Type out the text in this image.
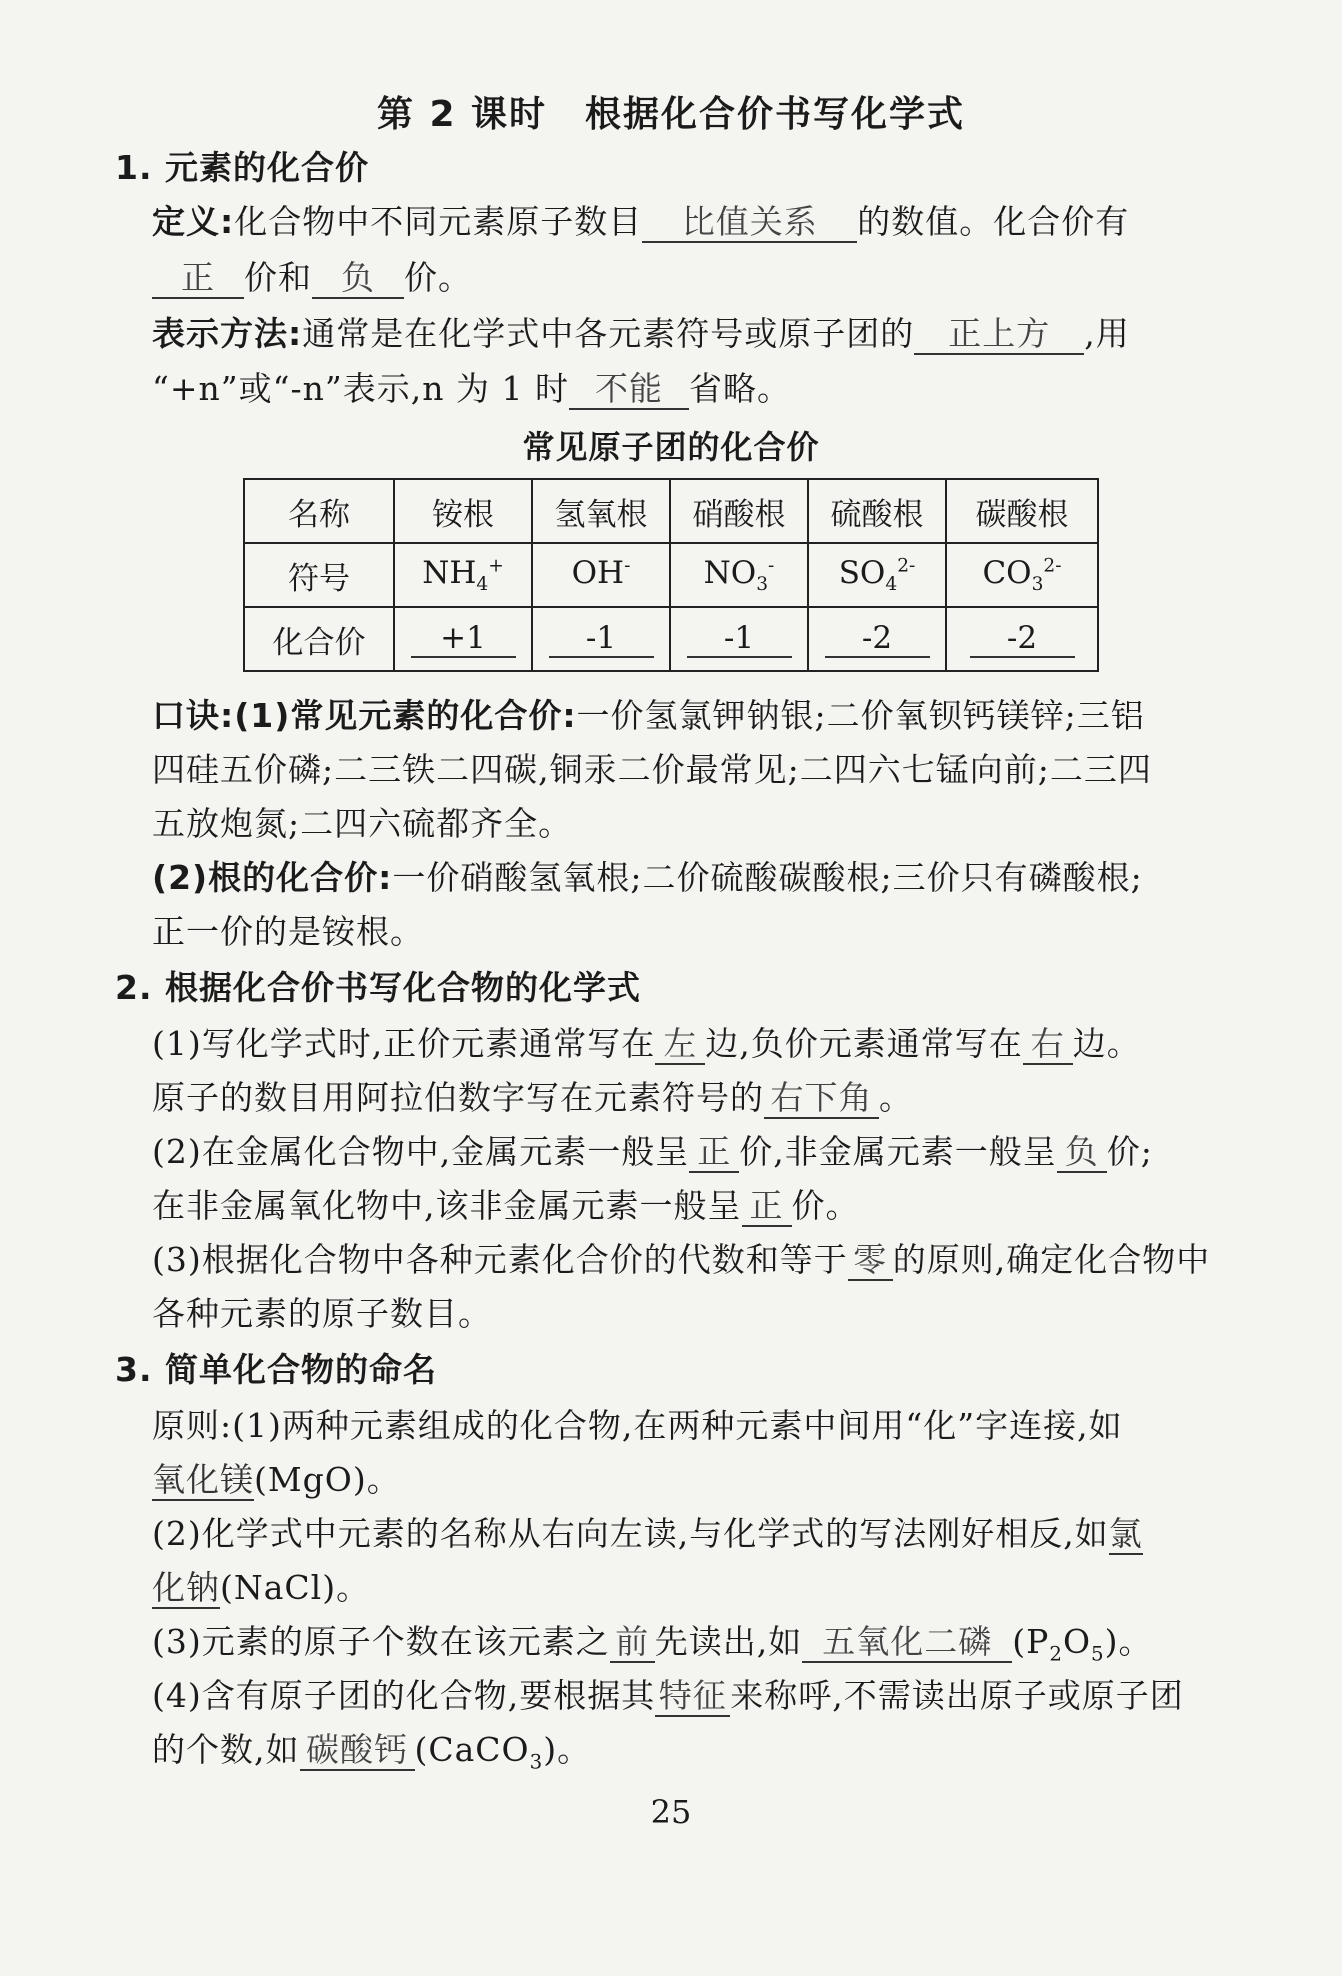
第 2 课时　根据化合价书写化学式
1. 元素的化合价
定义:化合物中不同元素原子数目 比值关系 的数值。化合价有
正 价和 负 价。
表示方法:通常是在化学式中各元素符号或原子团的 正上方 ,用
“+n”或“-n”表示,n 为 1 时 不能 省略。
常见原子团的化合价
名称	铵根	氢氧根	硝酸根	硫酸根	碳酸根
符号	$NH_4^+$	OH-	$NO_3^-$	$SO_4^{2-}$	$CO_3^{2-}$
化合价	+1	-1	-1	-2	-2
口诀:(1)常见元素的化合价:一价氢氯钾钠银;二价氧钡钙镁锌;三铝
四硅五价磷;二三铁二四碳,铜汞二价最常见;二四六七锰向前;二三四
五放炮氮;二四六硫都齐全。
(2)根的化合价:一价硝酸氢氧根;二价硫酸碳酸根;三价只有磷酸根;
正一价的是铵根。
2. 根据化合价书写化合物的化学式
(1)写化学式时,正价元素通常写在 左 边,负价元素通常写在 右 边。
原子的数目用阿拉伯数字写在元素符号的 右下角 。
(2)在金属化合物中,金属元素一般呈 正 价,非金属元素一般呈 负 价;
在非金属氧化物中,该非金属元素一般呈 正 价。
(3)根据化合物中各种元素化合价的代数和等于 零 的原则,确定化合物中
各种元素的原子数目。
3. 简单化合物的命名
原则:(1)两种元素组成的化合物,在两种元素中间用“化”字连接,如
氧化镁(MgO)。
(2)化学式中元素的名称从右向左读,与化学式的写法刚好相反,如氯
化钠(NaCl)。
(3)元素的原子个数在该元素之 前 先读出,如 五氧化二磷 $(P_2O_5)$。
(4)含有原子团的化合物,要根据其 特征 来称呼,不需读出原子或原子团
的个数,如 碳酸钙 (CaCO$_3$)。
25
